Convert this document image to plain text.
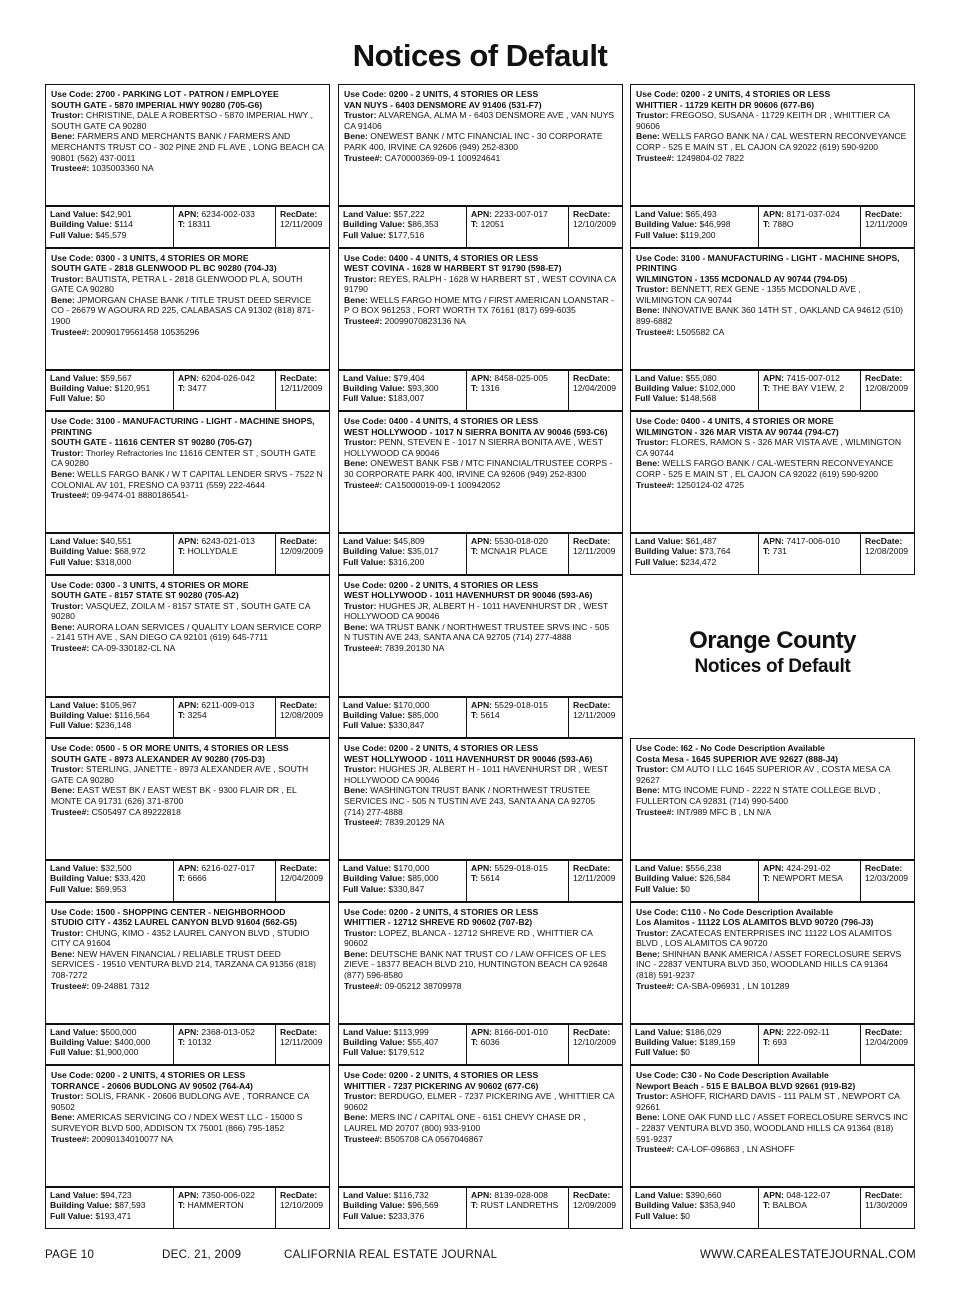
Notices of Default
Use Code: 2700 - PARKING LOT - PATRON / EMPLOYEE
SOUTH GATE - 5870 IMPERIAL HWY 90280 (705-G6)
Trustor: CHRISTINE, DALE A ROBERTSO - 5870 IMPERIAL HWY , SOUTH GATE CA 90280
Bene: FARMERS AND MERCHANTS BANK / FARMERS AND MERCHANTS TRUST CO - 302 PINE 2ND FL AVE , LONG BEACH CA 90801 (562) 437-0011
Trustee#: 1035003360 NA
Land Value: $42,901
Building Value: $114
Full Value: $45,579
APN: 6234-002-033
T: 18311
RecDate:
12/11/2009
Use Code: 0300 - 3 UNITS, 4 STORIES OR MORE
SOUTH GATE - 2818 GLENWOOD PL BC 90280 (704-J3)
Trustor: BAUTISTA, PETRA L - 2818 GLENWOOD PL A, SOUTH GATE CA 90280
Bene: JPMORGAN CHASE BANK / TITLE TRUST DEED SERVICE CO - 26679 W AGOURA RD 225, CALABASAS CA 91302 (818) 871-1900
Trustee#: 20090179561458 10535296
Land Value: $59,567
Building Value: $120,951
Full Value: $0
APN: 6204-026-042
T: 3477
RecDate:
12/11/2009
Use Code: 3100 - MANUFACTURING - LIGHT - MACHINE SHOPS, PRINTING
SOUTH GATE - 11616 CENTER ST 90280 (705-G7)
Trustor: Thorley Refractories Inc 11616 CENTER ST , SOUTH GATE CA 90280
Bene: WELLS FARGO BANK / W T CAPITAL LENDER SRVS - 7522 N COLONIAL AV 101, FRESNO CA 93711 (559) 222-4644
Trustee#: 09-9474-01 8880186541-
Land Value: $40,551
Building Value: $68,972
Full Value: $318,000
APN: 6243-021-013
T: HOLLYDALE
RecDate:
12/09/2009
Use Code: 0300 - 3 UNITS, 4 STORIES OR MORE
SOUTH GATE - 8157 STATE ST 90280 (705-A2)
Trustor: VASQUEZ, ZOILA M - 8157 STATE ST , SOUTH GATE CA 90280
Bene: AURORA LOAN SERVICES / QUALITY LOAN SERVICE CORP - 2141 5TH AVE , SAN DIEGO CA 92101 (619) 645-7711
Trustee#: CA-09-330182-CL NA
Land Value: $105,967
Building Value: $116,564
Full Value: $236,148
APN: 6211-009-013
T: 3254
RecDate:
12/08/2009
Use Code: 0500 - 5 OR MORE UNITS, 4 STORIES OR LESS
SOUTH GATE - 8973 ALEXANDER AV 90280 (705-D3)
Trustor: STERLING, JANETTE - 8973 ALEXANDER AVE , SOUTH GATE CA 90280
Bene: EAST WEST BK / EAST WEST BK - 9300 FLAIR DR , EL MONTE CA 91731 (626) 371-8700
Trustee#: C505497 CA 89222818
Land Value: $32,500
Building Value: $33,420
Full Value: $69,953
APN: 6216-027-017
T: 6666
RecDate:
12/04/2009
Use Code: 1500 - SHOPPING CENTER - NEIGHBORHOOD
STUDIO CITY - 4352 LAUREL CANYON BLVD 91604 (562-G5)
Trustor: CHUNG, KIMO - 4352 LAUREL CANYON BLVD , STUDIO CITY CA 91604
Bene: NEW HAVEN FINANCIAL / RELIABLE TRUST DEED SERVICES - 19510 VENTURA BLVD 214, TARZANA CA 91356 (818) 708-7272
Trustee#: 09-24881 7312
Land Value: $500,000
Building Value: $400,000
Full Value: $1,900,000
APN: 2368-013-052
T: 10132
RecDate:
12/11/2009
Use Code: 0200 - 2 UNITS, 4 STORIES OR LESS
TORRANCE - 20606 BUDLONG AV 90502 (764-A4)
Trustor: SOLIS, FRANK - 20606 BUDLONG AVE , TORRANCE CA 90502
Bene: AMERICAS SERVICING CO / NDEX WEST LLC - 15000 S SURVEYOR BLVD 500, ADDISON TX 75001 (866) 795-1852
Trustee#: 20090134010077 NA
Land Value: $94,723
Building Value: $87,593
Full Value: $193,471
APN: 7350-006-022
T: HAMMERTON
RecDate:
12/10/2009
Use Code: 0200 - 2 UNITS, 4 STORIES OR LESS
VAN NUYS - 6403 DENSMORE AV 91406 (531-F7)
Trustor: ALVARENGA, ALMA M - 6403 DENSMORE AVE , VAN NUYS CA 91406
Bene: ONEWEST BANK / MTC FINANCIAL INC - 30 CORPORATE PARK 400, IRVINE CA 92606 (949) 252-8300
Trustee#: CA70000369-09-1 100924641
Land Value: $57,222
Building Value: $86,353
Full Value: $177,516
APN: 2233-007-017
T: 12051
RecDate:
12/10/2009
Use Code: 0400 - 4 UNITS, 4 STORIES OR LESS
WEST COVINA - 1628 W HARBERT ST 91790 (598-E7)
Trustor: REYES, RALPH - 1628 W HARBERT ST , WEST COVINA CA 91790
Bene: WELLS FARGO HOME MTG / FIRST AMERICAN LOANSTAR - P O BOX 961253 , FORT WORTH TX 76161 (817) 699-6035
Trustee#: 20099070823136 NA
Land Value: $79,404
Building Value: $93,300
Full Value: $183,007
APN: 8458-025-005
T: 1316
RecDate:
12/04/2009
Use Code: 0400 - 4 UNITS, 4 STORIES OR LESS
WEST HOLLYWOOD - 1017 N SIERRA BONITA AV 90046 (593-C6)
Trustor: PENN, STEVEN E - 1017 N SIERRA BONITA AVE , WEST HOLLYWOOD CA 90046
Bene: ONEWEST BANK FSB / MTC FINANCIAL/TRUSTEE CORPS - 30 CORPORATE PARK 400, IRVINE CA 92606 (949) 252-8300
Trustee#: CA15000019-09-1 100942052
Land Value: $45,809
Building Value: $35,017
Full Value: $316,200
APN: 5530-018-020
T: MCNA1R PLACE
RecDate:
12/11/2009
Use Code: 0200 - 2 UNITS, 4 STORIES OR LESS
WEST HOLLYWOOD - 1011 HAVENHURST DR 90046 (593-A6)
Trustor: HUGHES JR, ALBERT H - 1011 HAVENHURST DR , WEST HOLLYWOOD CA 90046
Bene: WA TRUST BANK / NORTHWEST TRUSTEE SRVS INC - 505 N TUSTIN AVE 243, SANTA ANA CA 92705 (714) 277-4888
Trustee#: 7839.20130 NA
Land Value: $170,000
Building Value: $85,000
Full Value: $330,847
APN: 5529-018-015
T: 5614
RecDate:
12/11/2009
Use Code: 0200 - 2 UNITS, 4 STORIES OR LESS
WEST HOLLYWOOD - 1011 HAVENHURST DR 90046 (593-A6)
Trustor: HUGHES JR, ALBERT H - 1011 HAVENHURST DR , WEST HOLLYWOOD CA 90046
Bene: WASHINGTON TRUST BANK / NORTHWEST TRUSTEE SERVICES INC - 505 N TUSTIN AVE 243, SANTA ANA CA 92705 (714) 277-4888
Trustee#: 7839.20129 NA
Land Value: $170,000
Building Value: $85,000
Full Value: $330,847
APN: 5529-018-015
T: 5614
RecDate:
12/11/2009
Use Code: 0200 - 2 UNITS, 4 STORIES OR LESS
WHITTIER - 12712 SHREVE RD 90602 (707-B2)
Trustor: LOPEZ, BLANCA - 12712 SHREVE RD , WHITTIER CA 90602
Bene: DEUTSCHE BANK NAT TRUST CO / LAW OFFICES OF LES ZIEVE - 18377 BEACH BLVD 210, HUNTINGTON BEACH CA 92648 (877) 596-8580
Trustee#: 09-05212 38709978
Land Value: $113,999
Building Value: $55,407
Full Value: $179,512
APN: 8166-001-010
T: 6036
RecDate:
12/10/2009
Use Code: 0200 - 2 UNITS, 4 STORIES OR LESS
WHITTIER - 7237 PICKERING AV 90602 (677-C6)
Trustor: BERDUGO, ELMER - 7237 PICKERING AVE , WHITTIER CA 90602
Bene: MERS INC / CAPITAL ONE - 6151 CHEVY CHASE DR , LAUREL MD 20707 (800) 933-9100
Trustee#: B505708 CA 0567046867
Land Value: $116,732
Building Value: $96,569
Full Value: $233,376
APN: 8139-028-008
T: RUST LANDRETHS
RecDate:
12/09/2009
Use Code: 0200 - 2 UNITS, 4 STORIES OR LESS
WHITTIER - 11729 KEITH DR 90606 (677-B6)
Trustor: FREGOSO, SUSANA - 11729 KEITH DR , WHITTIER CA 90606
Bene: WELLS FARGO BANK NA / CAL WESTERN RECONVEYANCE CORP - 525 E MAIN ST , EL CAJON CA 92022 (619) 590-9200
Trustee#: 1249804-02 7822
Land Value: $65,493
Building Value: $46,998
Full Value: $119,200
APN: 8171-037-024
T: 788O
RecDate:
12/11/2009
Use Code: 3100 - MANUFACTURING - LIGHT - MACHINE SHOPS, PRINTING
WILMINGTON - 1355 MCDONALD AV 90744 (794-D5)
Trustor: BENNETT, REX GENE - 1355 MCDONALD AVE , WILMINGTON CA 90744
Bene: INNOVATIVE BANK 360 14TH ST , OAKLAND CA 94612 (510) 899-6882
Trustee#: L505582 CA
Land Value: $55,080
Building Value: $102,000
Full Value: $148,568
APN: 7415-007-012
T: THE BAY V1EW, 2
RecDate:
12/08/2009
Use Code: 0400 - 4 UNITS, 4 STORIES OR MORE
WILMINGTON - 326 MAR VISTA AV 90744 (794-C7)
Trustor: FLORES, RAMON S - 326 MAR VISTA AVE , WILMINGTON CA 90744
Bene: WELLS FARGO BANK / CAL-WESTERN RECONVEYANCE CORP - 525 E MAIN ST , EL CAJON CA 92022 (619) 590-9200
Trustee#: 1250124-02 4725
Land Value: $61,487
Building Value: $73,764
Full Value: $234,472
APN: 7417-006-010
T: 731
RecDate:
12/08/2009
Orange County
Notices of Default
Use Code: I62 - No Code Description Available
Costa Mesa - 1645 SUPERIOR AVE 92627 (888-J4)
Trustor: CM AUTO I LLC 1645 SUPERIOR AV , COSTA MESA CA 92627
Bene: MTG INCOME FUND - 2222 N STATE COLLEGE BLVD , FULLERTON CA 92831 (714) 990-5400
Trustee#: INT/989 MFC B , LN N/A
Land Value: $556,238
Building Value: $26,584
Full Value: $0
APN: 424-291-02
T: NEWPORT MESA
RecDate:
12/03/2009
Use Code: C110 - No Code Description Available
Los Alamitos - 11122 LOS ALAMITOS BLVD 90720 (796-J3)
Trustor: ZACATECAS ENTERPRISES INC 11122 LOS ALAMITOS BLVD , LOS ALAMITOS CA 90720
Bene: SHINHAN BANK AMERICA / ASSET FORECLOSURE SERVS INC - 22837 VENTURA BLVD 350, WOODLAND HILLS CA 91364 (818) 591-9237
Trustee#: CA-SBA-096931 , LN 101289
Land Value: $186,029
Building Value: $189,159
Full Value: $0
APN: 222-092-11
T: 693
RecDate:
12/04/2009
Use Code: C30 - No Code Description Available
Newport Beach - 515 E BALBOA BLVD 92661 (919-B2)
Trustor: ASHOFF, RICHARD DAVIS - 111 PALM ST , NEWPORT CA 92661
Bene: LONE OAK FUND LLC / ASSET FORECLOSURE SERVCS INC - 22837 VENTURA BLVD 350, WOODLAND HILLS CA 91364 (818) 591-9237
Trustee#: CA-LOF-096863 , LN ASHOFF
Land Value: $390,660
Building Value: $353,940
Full Value: $0
APN: 048-122-07
T: BALBOA
RecDate:
11/30/2009
PAGE 10	DEC. 21, 2009	CALIFORNIA REAL ESTATE JOURNAL	WWW.CAREALESTATEJOURNAL.COM
